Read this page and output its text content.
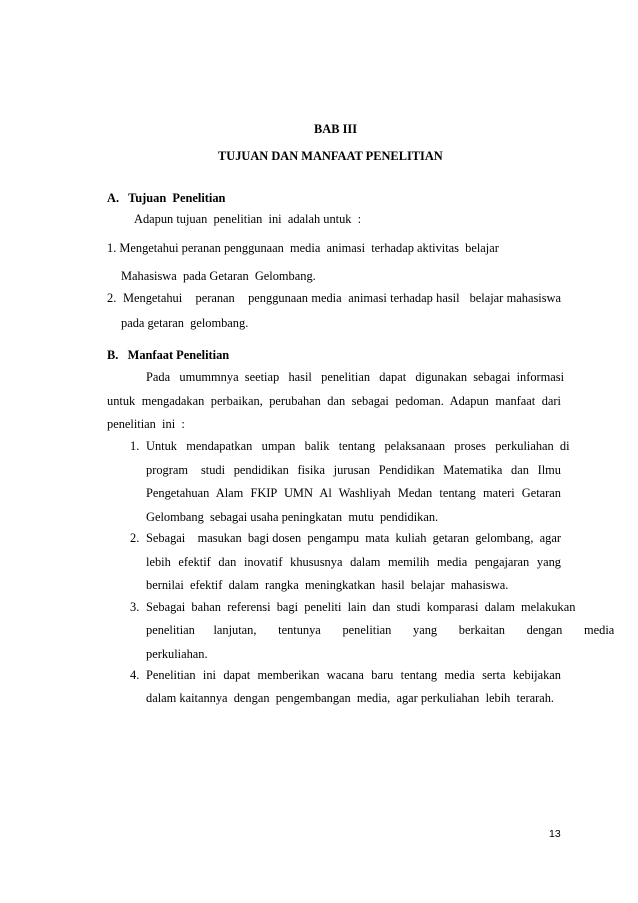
BAB III
TUJUAN DAN MANFAAT PENELITIAN
A.   Tujuan  Penelitian
Adapun tujuan  penelitian  ini  adalah untuk  :
1. Mengetahui peranan penggunaan  media  animasi  terhadap aktivitas  belajar
Mahasiswa  pada Getaran  Gelombang.
2.  Mengetahui    peranan    penggunaan media  animasi terhadap hasil   belajar mahasiswa
pada getaran  gelombang.
B.   Manfaat Penelitian
Pada   umummnya  seetiap   hasil   penelitian   dapat   digunakan  sebagai  informasi
untuk  mengadakan  perbaikan,  perubahan  dan  sebagai  pedoman.  Adapun  manfaat  dari
penelitian  ini  :
1. Untuk   mendapatkan   umpan   balik   tentang   pelaksanaan   proses   perkuliahan  di
program   studi  pendidikan  fisika  jurusan  Pendidikan  Matematika  dan  Ilmu
Pengetahuan  Alam  FKIP  UMN  Al  Washliyah  Medan  tentang  materi  Getaran
Gelombang  sebagai usaha peningkatan  mutu  pendidikan.
2. Sebagai    masukan  bagi dosen  pengampu  mata  kuliah  getaran  gelombang,  agar
lebih  efektif  dan  inovatif  khususnya  dalam  memilih  media  pengajaran  yang
bernilai  efektif  dalam  rangka  meningkatkan  hasil  belajar  mahasiswa.
3. Sebagai  bahan  referensi  bagi  peneliti  lain  dan  studi  komparasi  dalam  melakukan
penelitian      lanjutan,       tentunya       penelitian       yang       berkaitan       dengan       media
perkuliahan.
4. Penelitian  ini  dapat  memberikan  wacana  baru  tentang  media  serta  kebijakan
dalam kaitannya  dengan  pengembangan  media,  agar perkuliahan  lebih  terarah.
13
